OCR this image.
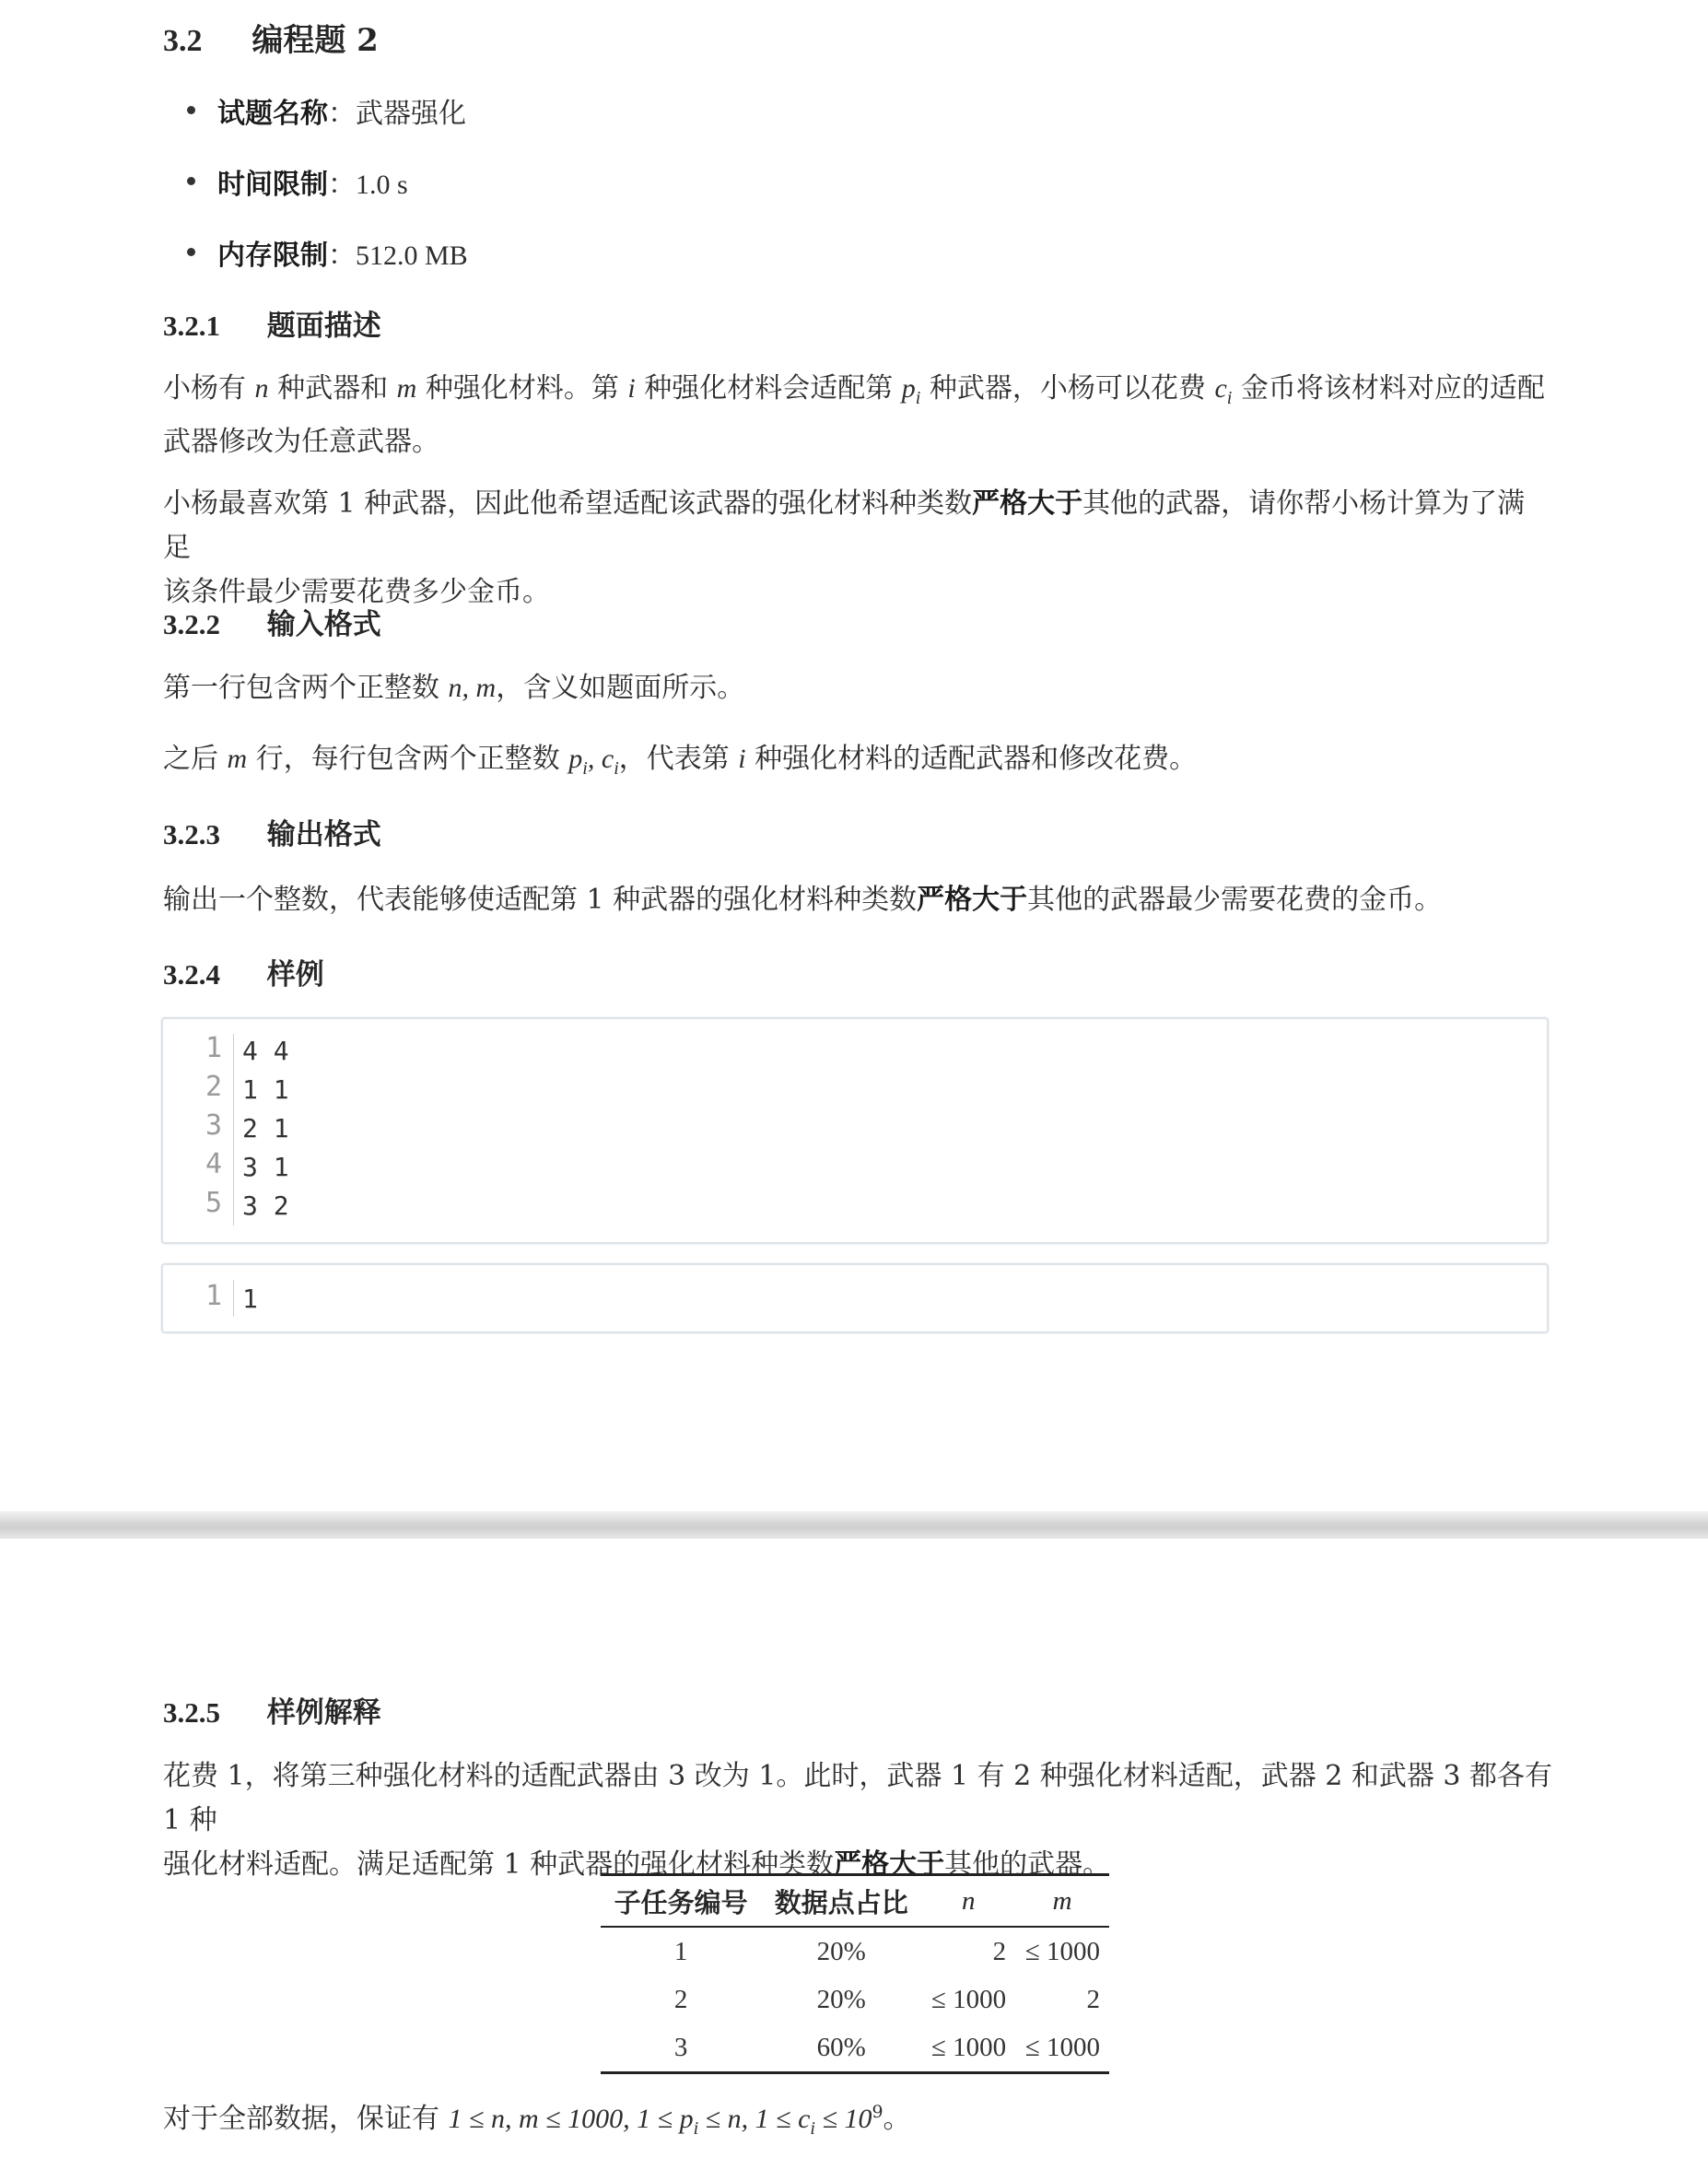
3.2 编程题 2
试题名称：武器强化
时间限制：1.0 s
内存限制：512.0 MB
3.2.1 题面描述
小杨有 n 种武器和 m 种强化材料。第 i 种强化材料会适配第 $p_i$ 种武器，小杨可以花费 $c_i$ 金币将该材料对应的适配
武器修改为任意武器。
小杨最喜欢第 1 种武器，因此他希望适配该武器的强化材料种类数严格大于其他的武器，请你帮小杨计算为了满足
该条件最少需要花费多少金币。
3.2.2 输入格式
第一行包含两个正整数 n, m，含义如题面所示。
之后 m 行，每行包含两个正整数 $p_i$, $c_i$，代表第 i 种强化材料的适配武器和修改花费。
3.2.3 输出格式
输出一个整数，代表能够使适配第 1 种武器的强化材料种类数严格大于其他的武器最少需要花费的金币。
3.2.4 样例
1 4 4
2 1 1
3 2 1
4 3 1
5 3 2
1 1
3.2.5 样例解释
花费 1，将第三种强化材料的适配武器由 3 改为 1。此时，武器 1 有 2 种强化材料适配，武器 2 和武器 3 都各有 1 种
强化材料适配。满足适配第 1 种武器的强化材料种类数严格大于其他的武器。
子任务编号	数据点占比	n	m
1	20%	2	≤ 1000
2	20%	≤ 1000	2
3	60%	≤ 1000	≤ 1000
对于全部数据，保证有 1 ≤ n, m ≤ 1000, $1 \le p_i \le n$, $1 \le c_i \le 10^9$。
